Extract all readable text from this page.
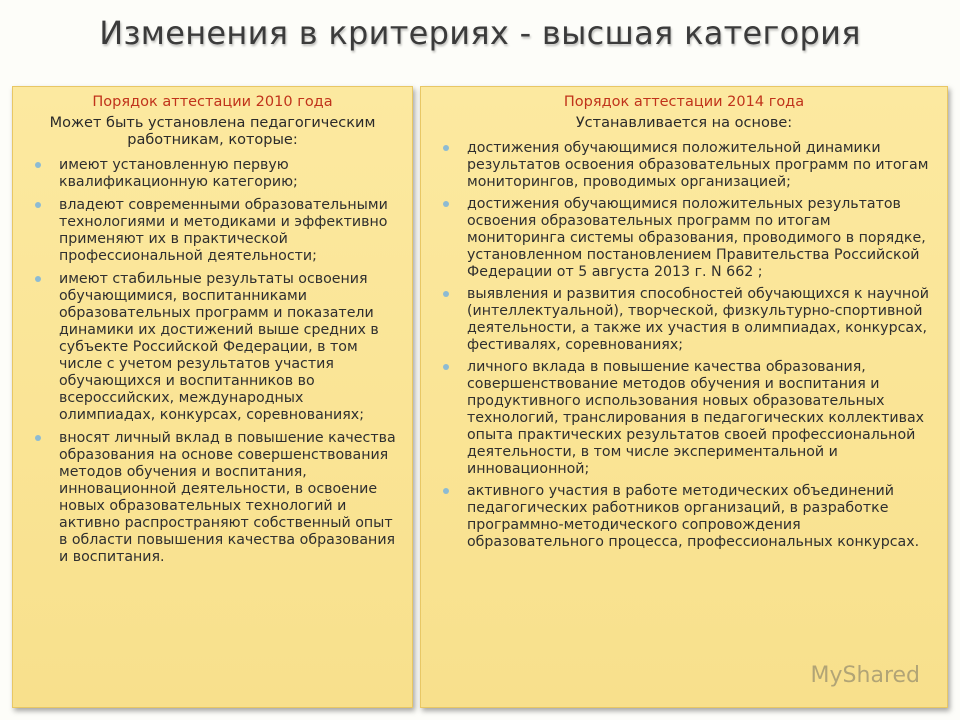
Изменения в критериях - высшая категория
Порядок аттестации 2010 года
Может быть установлена педагогическим работникам, которые:
имеют установленную первую квалификационную категорию;
владеют современными образовательными технологиями и методиками и эффективно применяют их в практической профессиональной деятельности;
имеют стабильные результаты освоения обучающимися, воспитанниками образовательных программ и показатели динамики их достижений выше средних в субъекте Российской Федерации, в том числе с учетом результатов участия обучающихся и воспитанников во всероссийских, международных олимпиадах, конкурсах, соревнованиях;
вносят личный вклад в повышение качества образования на основе совершенствования методов обучения и воспитания, инновационной деятельности, в освоение новых образовательных технологий и активно распространяют собственный опыт в области повышения качества образования и воспитания.
Порядок аттестации 2014 года
Устанавливается на основе:
достижения обучающимися положительной динамики результатов освоения образовательных программ по итогам мониторингов, проводимых организацией;
достижения обучающимися положительных результатов освоения образовательных программ по итогам мониторинга системы образования, проводимого в порядке, установленном постановлением Правительства Российской Федерации от 5 августа 2013 г. N 662 ;
выявления и развития способностей обучающихся к научной (интеллектуальной), творческой, физкультурно-спортивной деятельности, а также их участия в олимпиадах, конкурсах, фестивалях, соревнованиях;
личного вклада в повышение качества образования, совершенствование методов обучения и воспитания и продуктивного использования новых образовательных технологий, транслирования в педагогических коллективах опыта практических результатов своей профессиональной деятельности, в том числе экспериментальной и инновационной;
активного участия в работе методических объединений педагогических работников организаций, в разработке программно-методического сопровождения образовательного процесса, профессиональных конкурсах.
MyShared
